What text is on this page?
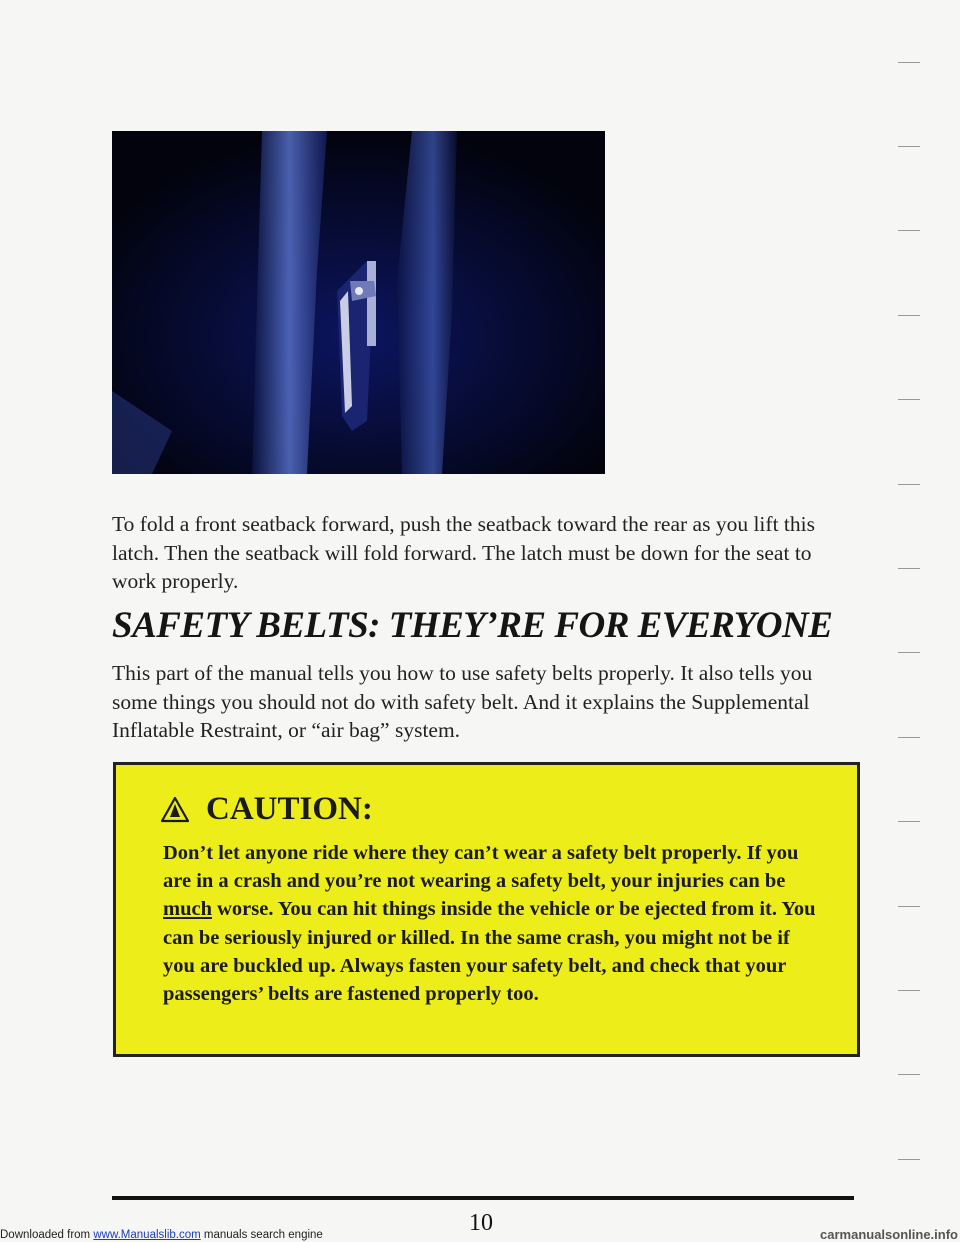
To fold a front seatback forward, push the seatback toward the rear as you lift this latch. Then the seatback will fold forward. The latch must be down for the seat to work properly.

SAFETY BELTS: THEY’RE FOR EVERYONE

This part of the manual tells you how to use safety belts properly. It also tells you some things you should not do with safety belt. And it explains the Supplemental Inflatable Restraint, or “air bag” system.

CAUTION:

Don’t let anyone ride where they can’t wear a safety belt properly. If you are in a crash and you’re not wearing a safety belt, your injuries can be much worse. You can hit things inside the vehicle or be ejected from it. You can be seriously injured or killed. In the same crash, you might not be if you are buckled up. Always fasten your safety belt, and check that your passengers’ belts are fastened properly too.

10
Downloaded from www.Manualslib.com manuals search engine	carmanualsonline.info
